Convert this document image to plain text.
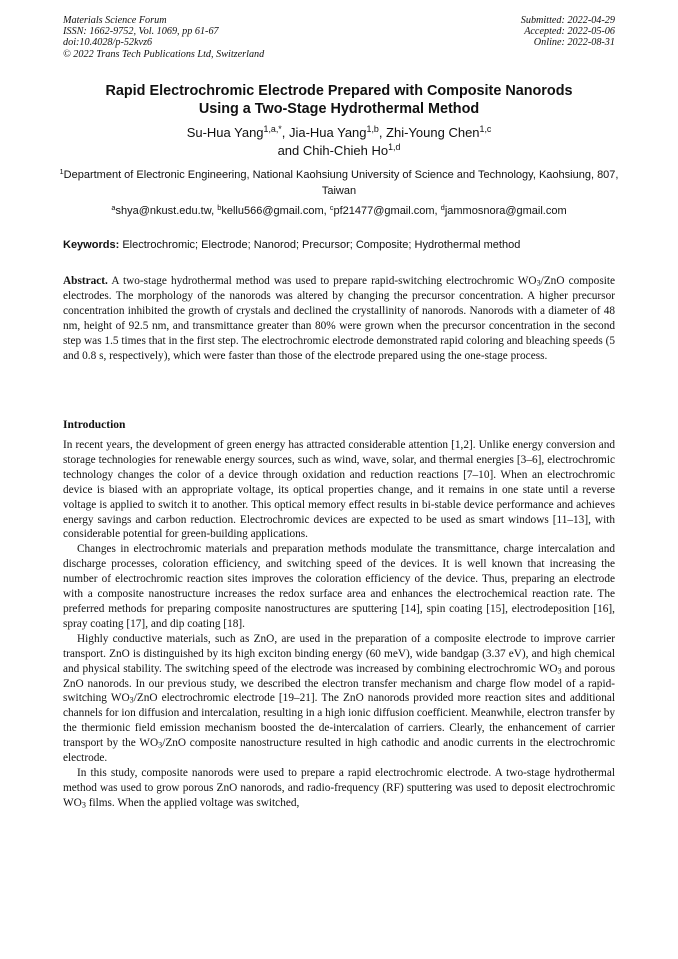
Materials Science Forum
ISSN: 1662-9752, Vol. 1069, pp 61-67
doi:10.4028/p-52kvz6
© 2022 Trans Tech Publications Ltd, Switzerland
Submitted: 2022-04-29
Accepted: 2022-05-06
Online: 2022-08-31
Rapid Electrochromic Electrode Prepared with Composite Nanorods
Using a Two-Stage Hydrothermal Method
Su-Hua Yang$^{1,a,*}$, Jia-Hua Yang$^{1,b}$, Zhi-Young Chen$^{1,c}$
and Chih-Chieh Ho$^{1,d}$
$^1$Department of Electronic Engineering, National Kaohsiung University of Science and Technology, Kaohsiung, 807, Taiwan
$^a$shya@nkust.edu.tw, $^b$kellu566@gmail.com, $^c$pf21477@gmail.com, $^d$jammosnora@gmail.com
Keywords: Electrochromic; Electrode; Nanorod; Precursor; Composite; Hydrothermal method
Abstract. A two-stage hydrothermal method was used to prepare rapid-switching electrochromic $WO_3$/ZnO composite electrodes. The morphology of the nanorods was altered by changing the precursor concentration. A higher precursor concentration inhibited the growth of crystals and declined the crystallinity of nanorods. Nanorods with a diameter of 48 nm, height of 92.5 nm, and transmittance greater than 80% were grown when the precursor concentration in the second step was 1.5 times that in the first step. The electrochromic electrode demonstrated rapid coloring and bleaching speeds (5 and 0.8 s, respectively), which were faster than those of the electrode prepared using the one-stage process.
Introduction

In recent years, the development of green energy has attracted considerable attention [1,2]. Unlike energy conversion and storage technologies for renewable energy sources, such as wind, wave, solar, and thermal energies [3–6], electrochromic technology changes the color of a device through oxidation and reduction reactions [7–10]. When an electrochromic device is biased with an appropriate voltage, its optical properties change, and it remains in one state until a reverse voltage is applied to switch it to another. This optical memory effect results in bi-stable device performance and achieves energy savings and carbon reduction. Electrochromic devices are expected to be used as smart windows [11–13], with considerable potential for green-building applications.

Changes in electrochromic materials and preparation methods modulate the transmittance, charge intercalation and discharge processes, coloration efficiency, and switching speed of the devices. It is well known that increasing the number of electrochromic reaction sites improves the coloration efficiency of the device. Thus, preparing an electrode with a composite nanostructure increases the redox surface area and enhances the electrochemical reaction rate. The preferred methods for preparing composite nanostructures are sputtering [14], spin coating [15], electrodeposition [16], spray coating [17], and dip coating [18].

Highly conductive materials, such as ZnO, are used in the preparation of a composite electrode to improve carrier transport. ZnO is distinguished by its high exciton binding energy (60 meV), wide bandgap (3.37 eV), and high chemical and physical stability. The switching speed of the electrode was increased by combining electrochromic $WO_3$ and porous ZnO nanorods. In our previous study, we described the electron transfer mechanism and charge flow model of a rapid-switching $WO_3$/ZnO electrochromic electrode [19–21]. The ZnO nanorods provided more reaction sites and additional channels for ion diffusion and intercalation, resulting in a high ionic diffusion coefficient. Meanwhile, electron transfer by the thermionic field emission mechanism boosted the de-intercalation of carriers. Clearly, the enhancement of carrier transport by the $WO_3$/ZnO composite nanostructure resulted in high cathodic and anodic currents in the electrochromic electrode.

In this study, composite nanorods were used to prepare a rapid electrochromic electrode. A two-stage hydrothermal method was used to grow porous ZnO nanorods, and radio-frequency (RF) sputtering was used to deposit electrochromic $WO_3$ films. When the applied voltage was switched,
